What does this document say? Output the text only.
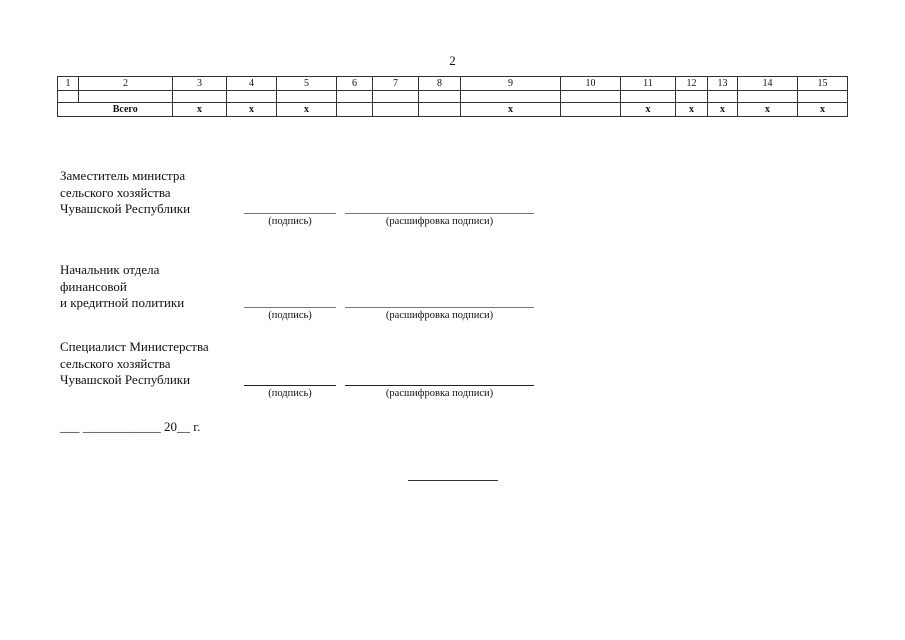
2
1	2	3	4	5	6	7	8	9	10	11	12	13	14	15

	Всего	x	x	x				x		x	x	x	x	x
Заместитель министра
сельского хозяйства
Чувашской Республики
(подпись)	(расшифровка подписи)
Начальник отдела
финансовой
и кредитной политики
(подпись)	(расшифровка подписи)
Специалист Министерства
сельского хозяйства
Чувашской Республики
(подпись)	(расшифровка подписи)
___ ____________ 20__ г.
